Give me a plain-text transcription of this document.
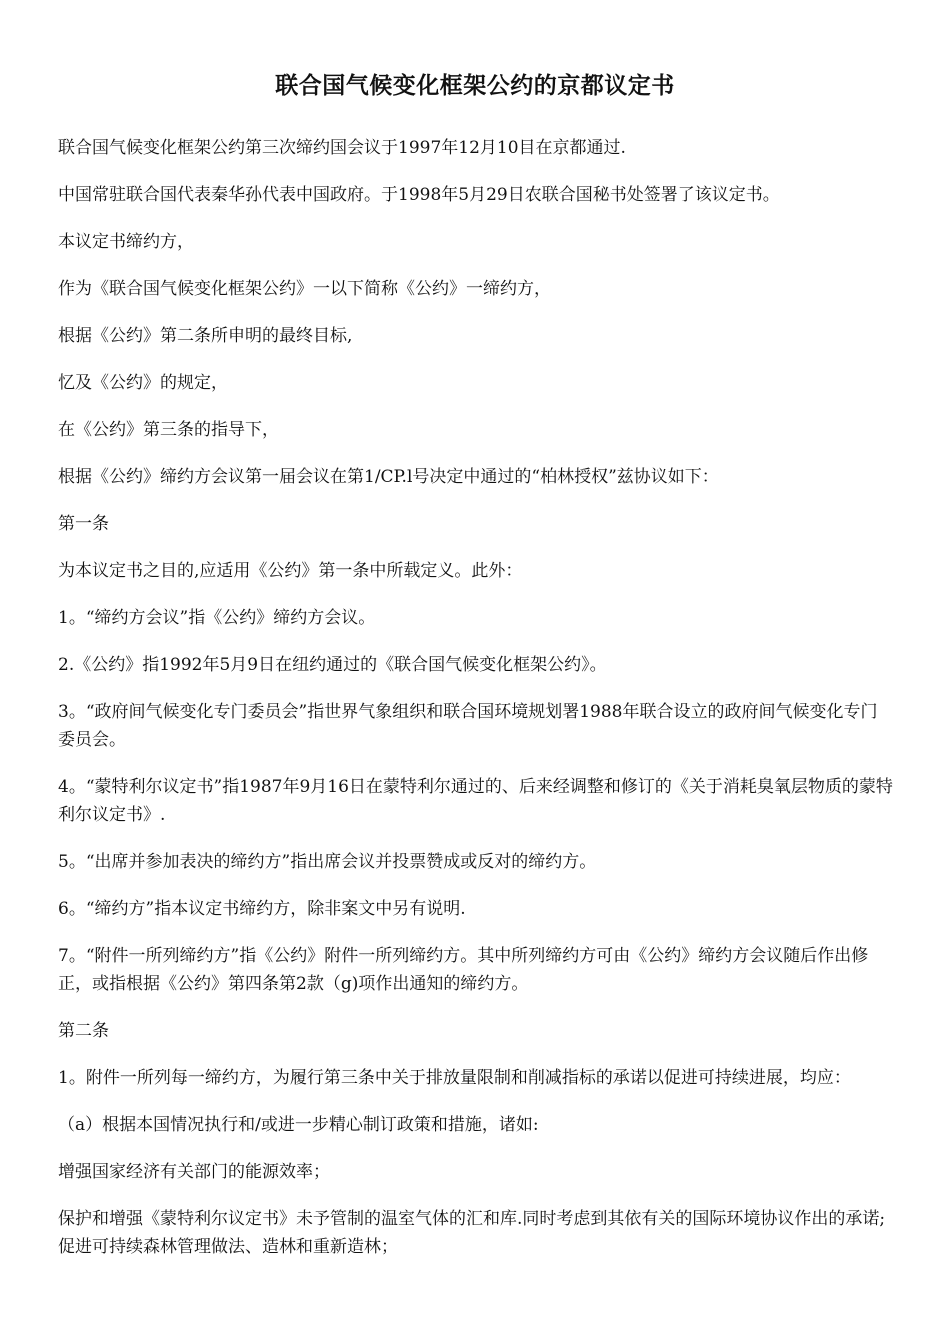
联合国气候变化框架公约的京都议定书

联合国气候变化框架公约第三次缔约国会议于1997年12月10目在京都通过.

中国常驻联合国代表秦华孙代表中国政府。于1998年5月29日农联合国秘书处签署了该议定书。

本议定书缔约方，

作为《联合国气候变化框架公约》一以下简称《公约》一缔约方，

根据《公约》第二条所申明的最终目标,

忆及《公约》的规定，

在《公约》第三条的指导下，

根据《公约》缔约方会议第一届会议在第1/CP.l号决定中通过的“柏林授权”兹协议如下：

第一条

为本议定书之目的,应适用《公约》第一条中所载定义。此外：

1。“缔约方会议”指《公约》缔约方会议。

2.《公约》指1992年5月9日在纽约通过的《联合国气候变化框架公约》。

3。“政府间气候变化专门委员会”指世界气象组织和联合国环境规划署1988年联合设立的政府间气候变化专门委员会。

4。“蒙特利尔议定书”指1987年9月16日在蒙特利尔通过的、后来经调整和修订的《关于消耗臭氧层物质的蒙特利尔议定书》.

5。“出席并参加表决的缔约方”指出席会议并投票赞成或反对的缔约方。

6。“缔约方”指本议定书缔约方，除非案文中另有说明.

7。“附件一所列缔约方”指《公约》附件一所列缔约方。其中所列缔约方可由《公约》缔约方会议随后作出修正，或指根据《公约》第四条第2款（g)项作出通知的缔约方。

第二条

1。附件一所列每一缔约方，为履行第三条中关于排放量限制和削减指标的承诺以促进可持续进展，均应：

（a）根据本国情况执行和/或进一步精心制订政策和措施，诸如:

增强国家经济有关部门的能源效率；

保护和增强《蒙特利尔议定书》未予管制的温室气体的汇和库.同时考虑到其依有关的国际环境协议作出的承诺;促进可持续森林管理做法、造林和重新造林；
